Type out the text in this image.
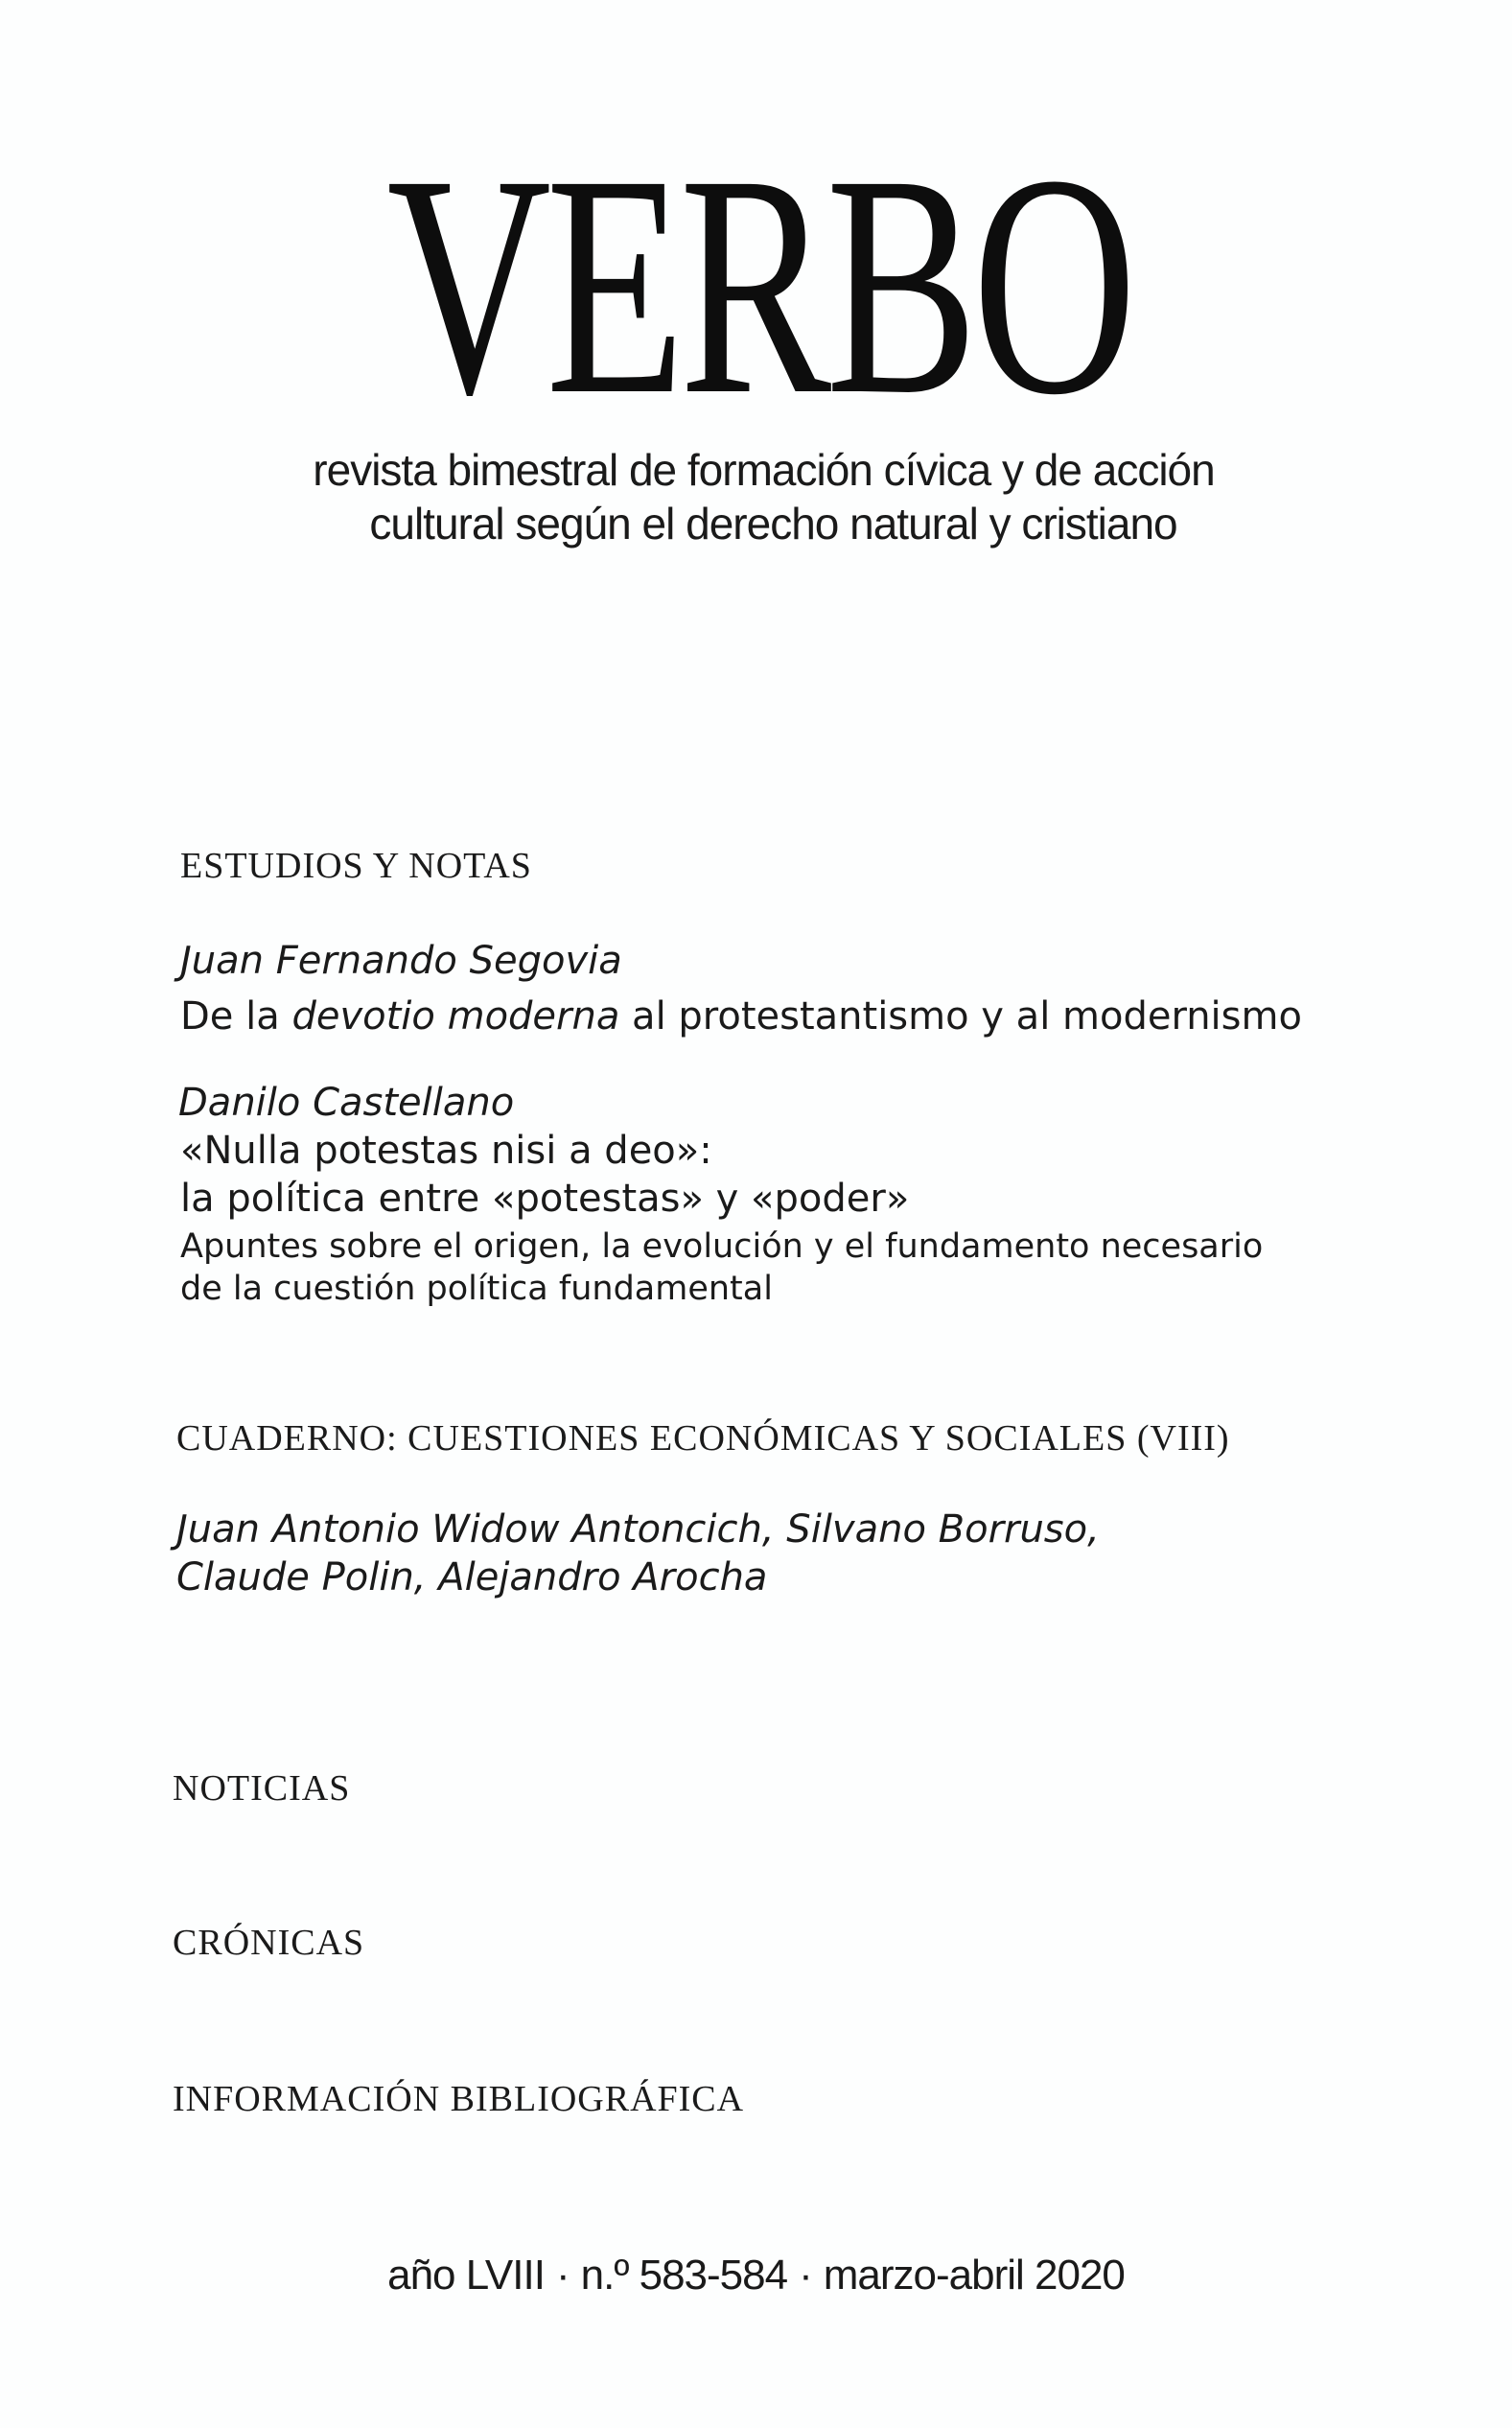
VERBO
revista bimestral de formación cívica y de acción
cultural según el derecho natural y cristiano
ESTUDIOS Y NOTAS
Juan Fernando Segovia
De la devotio moderna al protestantismo y al modernismo
Danilo Castellano
«Nulla potestas nisi a deo»:
la política entre «potestas» y «poder»
Apuntes sobre el origen, la evolución y el fundamento necesario
de la cuestión política fundamental
CUADERNO: CUESTIONES ECONÓMICAS Y SOCIALES (VIII)
Juan Antonio Widow Antoncich, Silvano Borruso,
Claude Polin, Alejandro Arocha
NOTICIAS
CRÓNICAS
INFORMACIÓN BIBLIOGRÁFICA
año LVIII · n.º 583-584 · marzo-abril 2020
